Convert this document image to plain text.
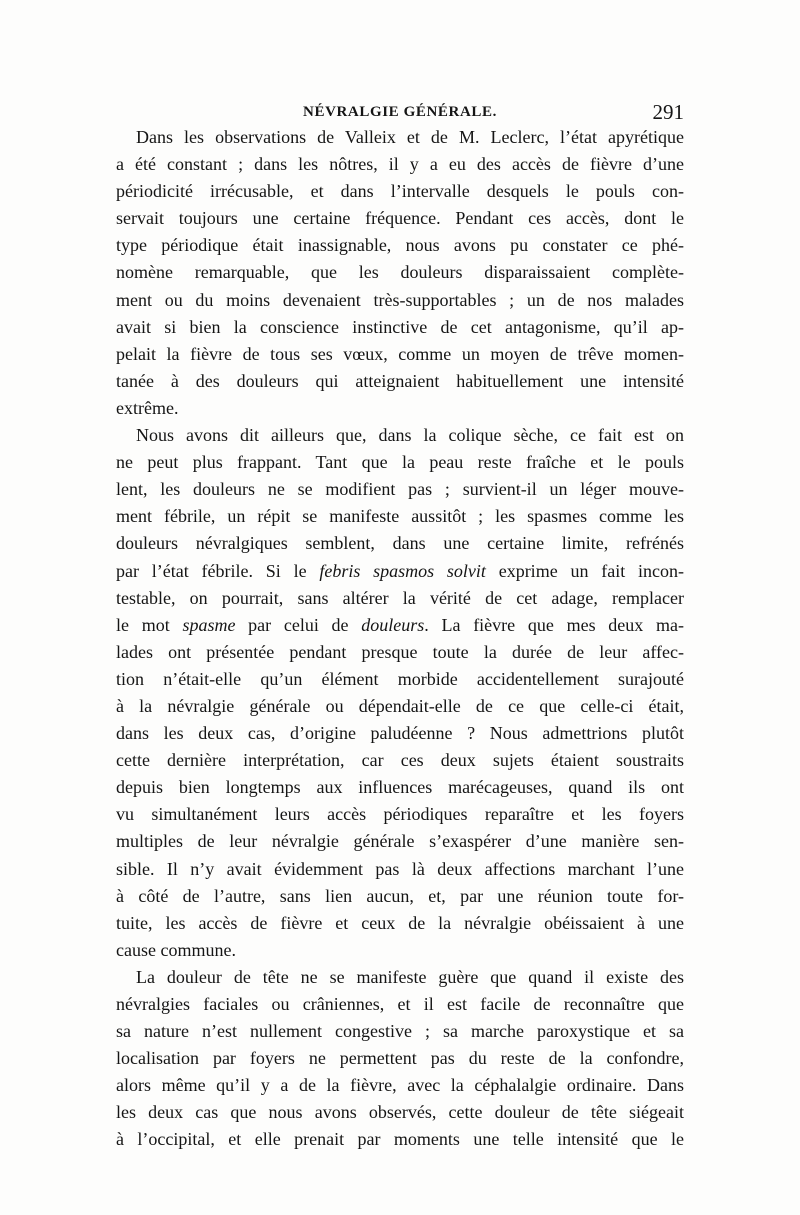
NÉVRALGIE GÉNÉRALE.	291
Dans les observations de Valleix et de M. Leclerc, l’état apyrétique
a été constant ; dans les nôtres, il y a eu des accès de fièvre d’une
périodicité irrécusable, et dans l’intervalle desquels le pouls con-
servait toujours une certaine fréquence. Pendant ces accès, dont le
type périodique était inassignable, nous avons pu constater ce phé-
nomène remarquable, que les douleurs disparaissaient complète-
ment ou du moins devenaient très-supportables ; un de nos malades
avait si bien la conscience instinctive de cet antagonisme, qu’il ap-
pelait la fièvre de tous ses vœux, comme un moyen de trêve momen-
tanée à des douleurs qui atteignaient habituellement une intensité
extrême.
Nous avons dit ailleurs que, dans la colique sèche, ce fait est on
ne peut plus frappant. Tant que la peau reste fraîche et le pouls
lent, les douleurs ne se modifient pas ; survient-il un léger mouve-
ment fébrile, un répit se manifeste aussitôt ; les spasmes comme les
douleurs névralgiques semblent, dans une certaine limite, refrénés
par l’état fébrile. Si le febris spasmos solvit exprime un fait incon-
testable, on pourrait, sans altérer la vérité de cet adage, remplacer
le mot spasme par celui de douleurs. La fièvre que mes deux ma-
lades ont présentée pendant presque toute la durée de leur affec-
tion n’était-elle qu’un élément morbide accidentellement surajouté
à la névralgie générale ou dépendait-elle de ce que celle-ci était,
dans les deux cas, d’origine paludéenne ? Nous admettrions plutôt
cette dernière interprétation, car ces deux sujets étaient soustraits
depuis bien longtemps aux influences marécageuses, quand ils ont
vu simultanément leurs accès périodiques reparaître et les foyers
multiples de leur névralgie générale s’exaspérer d’une manière sen-
sible. Il n’y avait évidemment pas là deux affections marchant l’une
à côté de l’autre, sans lien aucun, et, par une réunion toute for-
tuite, les accès de fièvre et ceux de la névralgie obéissaient à une
cause commune.
La douleur de tête ne se manifeste guère que quand il existe des
névralgies faciales ou crâniennes, et il est facile de reconnaître que
sa nature n’est nullement congestive ; sa marche paroxystique et sa
localisation par foyers ne permettent pas du reste de la confondre,
alors même qu’il y a de la fièvre, avec la céphalalgie ordinaire. Dans
les deux cas que nous avons observés, cette douleur de tête siégeait
à l’occipital, et elle prenait par moments une telle intensité que le
